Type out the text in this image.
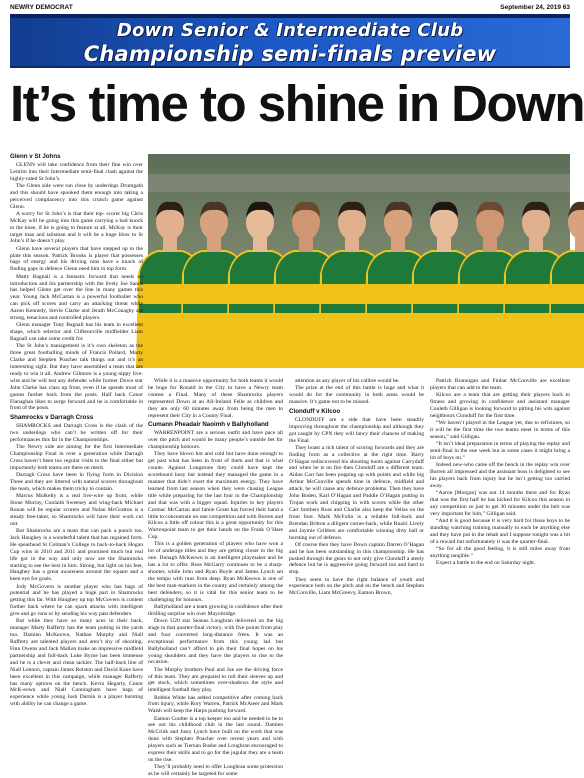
NEWRY DEMOCRAT	September 24, 2019 63
Down Senior & Intermediate Club
Championship semi-finals preview
It’s time to shine in Down
Glenn v St Johns

GLENN will take confidence from their fine win over Leitrim into their Intermediate semi-final clash against the highly-rated St John’s.

The Glenn side were run close by underdogs Drumgath and this should have spooked them enough into taking a perceived complacency into this crunch game against Glenn.

A worry for St John’s is that their top- scorer big Chris McKay will be going into this game carrying a bad knock to the knee, if he is going to feature at all. McKay is their target man and talisman and it will be a huge blow to St John’s if he doesn’t play.

Glenn have several players that have stepped up to the plate this season. Patrick Brooks is player that possesses bags of energy and his driving runs have a knack of finding gaps in defence Glenn need him in top form.

Matty Bagnall is a fantastic forward that needs no introduction and his partnership with the lively Joe Sands has helped Glenn get over the line in many games this year. Young Jack McCartan is a powerful footballer who can pick off scores and carry an attacking threat while Aaron Kennedy, Stevie Clarke and Jerath McConaghy are strong, tenacious and controlled players.

Glenn manager Tony Bagnall has his team in excellent shape, which selector and Clifteonville midfielder Liam Bagnall can take some credit for.

The St John’s management is it’s own skeleton as the three great footballing minds of Francis Pollard, Marty Clarke and Stephen Poacher talk things out and it’s an interesting sight. But they have assembled a team that are ready to win it all. Andrew Gilmore is a young nippy live-wire and he will test any defender while former Down star John Clarke has class up front, even if he spends most of games further back from the posts. Half back Conor Flanaghan likes to surge forward and he is comfortable in front of the posts.

Shamrocks v Darragh Cross

SHAMROCKS and Darragh Cross is the clash of the two underdogs who can’t be written off for their performances this far in the Championships.

The Newry side are aiming for the first Intermediate Championship Final in over a generation while Darragh Cross haven’t been too regular visits to the final either but importantly both teams are there on merit.

Darragh Cross have been in flying form in Division Three and they are littered with natural scorers throughout the team, which makes them tricky to contain.

Marcus Mulkelly is a real live-wire up front, while Stone Murray, Conlaith Sweeney and wing-back Michael Ronan will be regular scorers and Nolan McGratton is a steady free-taker, so Shamrocks will have their work cut out.

But Shamrocks are a team that can pack a punch too. Jack Haughey is a wonderful talent that has regained form. He spearhead St Colman’s College to back-to-back Hogan Cup wins in 2010 and 2011 and promised much but real life got in the way and only now are the Shamrocks starting to see the best in him. Strong, but light on his feet, Haughey has a great awareness around the square and a keen eye for goals.

Jody McGovern is another player who has bags of potential and he has played a huge part in Shamrocks getting this far. With Haughey up top McGovern is content further back where he can spark attacks with intelligent give and go runs or by sending his way past defenders.

But while they have so many aces in their back, manager Marty Rafferty has the team putting in the yards too. Damien McKeown, Nathan Murphy and Niall Rafferty are talented players and aren’t shy of shooting. Finn Owens and Jack Mallon make an impressive midfield partnership and full-back Luke Byrne has been immense and he is a clever and clean tackler. The half-back line of Niall Lennon, captain James Rolston and David Kane have been excellent in this campaign, while manager Rafferty has many options on the bench. Kevin Hegarty, Conor McK-eown and Niall Cunningham have bags of experience while young Josh Durnin is a player bursting with ability he can change a game.

While it is a massive opportunity for both teams it would be huge for Ronald in the City to have a Newry team contest a Final. Many of these Shamrocks players represented Down at an All-Ireland Feile as children and they are only 60 minutes away from being the men to represent their City in a County Final.

Cumann Pheadair Naoimh v Ballyholland

WARRENPOINT are a serious outfit and have pace all over the pitch and would be many people’s outside bet for championship honours.

They have blown hot and cold but have done enough to get past what has been in front of them and that is what counts. Against Longstone they could have kept the scoreboard busy but instead they managed the game in a manner that didn’t exert the maximum energy. They have learned from last season when they were chasing League title while preparing for the last four in the Championship and that was with a bigger squad. Injuries to key players Cormac McCartan and Jamie Grant has forced their hand a little to concentrate on one competition and with Burren and Kilcoo a little off colour this is a great opportunity for this Warrenpoint team to get their hands on the Frank O’Hare Cup.

This is a golden generation of players who have won a lot of underage titles and they are getting closer to the big one. Donagh McKeown is an intelligent playmaker and he has a lot to offer. Ross McGarry continues to be a sharp-shooter, while John and Ryan Boyle and James Lynch set the tempo with runs from deep. Ryan McKeown is one of the best man-markers in the county and certainly among the best defenders, so it is vital for this senior team to be challenging for honours.

Ballyholland are a team growing in confidence after their thrilling surprise win over Mayobridge.

Down U20 star Seanus Loughran delivered on the big stage in that quarter-final victory, with five points from play and four converted long-distance frees. It was an exceptional performance from this young lad but Ballyholland can’t afford to pin their final hopes on his young shoulders and they have the players to rise to the occasion.

The Murphy brothers Paul and Joe are the driving force of this team. They are prepared to roll their sleeves up and get stuck, which sometimes over-shadows the style and intelligent football they play.

Robbie White has added competitive after coming back from injury, while Rory Warren, Patrick McAteer and Mark Walsh will keep the Harps pushing forward.

Eamon Coulter is a top keeper too and he needed to be to see out his childhood club in the last round. Damien McCrink and Justy Lynch have built on the work that was done with Stephen Poacher over recent years and with players such as Tiernan Rushe and Loughran encouraged to express their skills and to go for the jugular they are a team on the rise.

They’ll probably need to offer Loughran some protection as he will certainly be targeted for some

attention as any player of his calibre would be.

The prize at the end of this battle is huge and what it would do for the community in both areas would be massive. It’s game not to be missed.

Clonduff v Kilcoo

CLONDUFF are a side that have been steadily improving throughout the championship and although they got caught by CPN they will fancy their chances of making the Final.

They boast a rich talent of scoring forwards and they are finding form as a collective at the right time. Barry O’Hagan rediscovered his shooting boots against Carryduff and when he is on fire then Clonduff are a different team. Aidan Carr has been popping up with points and while big Arthur McConville spends time in defence, midfield and attack, he will cause any defence problems. Then they have John Boden, Karl O’Hagan and Paddie O’Hagan putting in Trojan work and chipping in with scores while the other Carr brothers Ross and Charlie also keep the Yellas on the front foot. Mark McFolin is a reliable full-back and Brendan Britton a diligent corner-back, while Ruairi Lively and Jaymie Gribben are comfortable winning dirty ball or bursting out of defence.

Of course then they have Down captain Darren O’Hagan and he has been outstanding in this championship. He has pushed through the gears to not only give Clonduff a steely defence but he is aggressive going forward too and hard to stop.

They seem to have the right balance of youth and experience both on the pitch and on the bench and Stephen McConville, Liam McGreevy, Eamon Brown,

Patrick Brannigan and Finbar McConville are excellent players that can add to the team.

Kilcoo are a team that are getting their players back to fitness and growing in confidence and assistant manager Conleth Gilligan is looking forward to pitting his wits against neighbours Clonduff for the first time.

“We haven’t played in the League yet, due to refixtures, so it will be the first time the two teams meet in terms of this season,” said Gilligan.

“It isn’t ideal preparation in terms of playing the replay and semi-final in the one week but in some cases it might bring a lot of boys on.”

Indeed new-who came off the bench in the replay win over Burren all impressed and the assistant boss is delighted to see his players back from injury but he isn’t getting too carried away.

“Aaron [Morgan] was out 14 months there and for Ryan that was the first half he has kicked for Kilcoo this season in any competition so just to get 30 minutes under the belt was very important for him,” Gilligan said.

“And it is good because it is very hard for those boys to be standing watching training manually to each be anything else and they have put in the rehab and I suppose tonight was a bit of a reward but unfortunately it was the quarter-final.

“So for all the good feeling, it is still miles away from anything tangible.”

Expect a battle to the end on Saturday night.
